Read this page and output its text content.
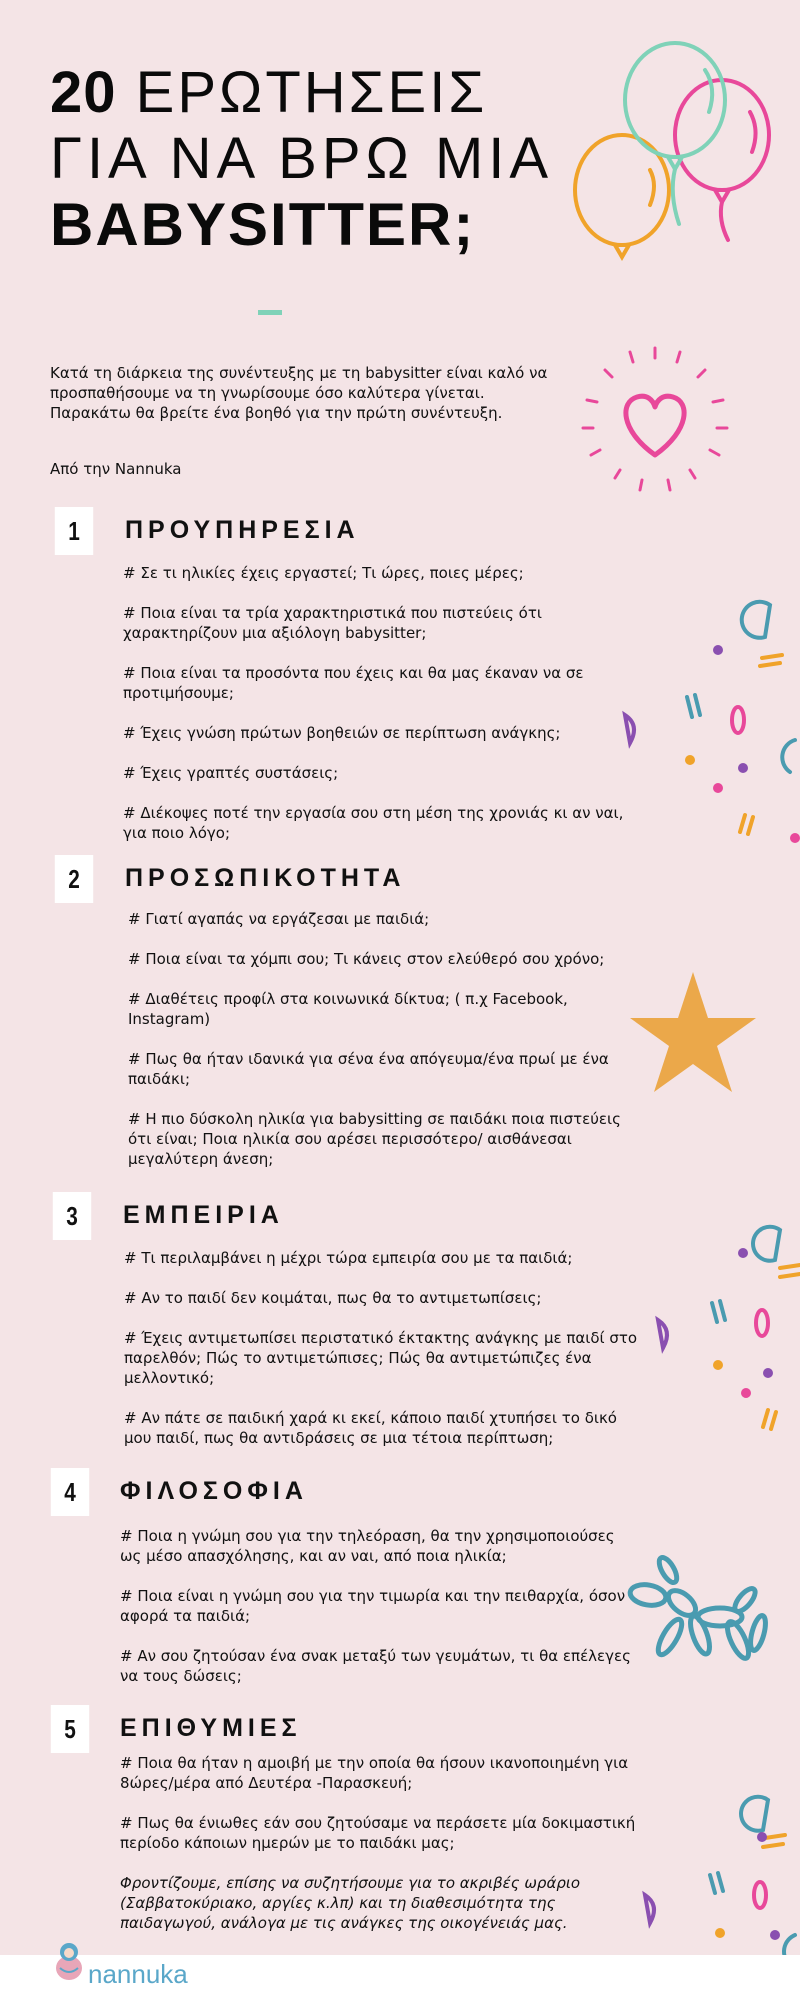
20 ΕΡΩΤΗΣΕΙΣ
ΓΙΑ ΝΑ ΒΡΩ ΜΙΑ
BABYSITTER;
Κατά τη διάρκεια της συνέντευξης με τη babysitter είναι καλό να προσπαθήσουμε να τη γνωρίσουμε όσο καλύτερα γίνεται. Παρακάτω θα βρείτε ένα βοηθό για την πρώτη συνέντευξη.
Από την Nannuka
1	ΠΡΟΥΠΗΡΕΣΙΑ

# Σε τι ηλικίες έχεις εργαστεί; Τι ώρες, ποιες μέρες;

# Ποια είναι τα τρία χαρακτηριστικά που πιστεύεις ότι χαρακτηρίζουν μια αξιόλογη babysitter;

# Ποια είναι τα προσόντα που έχεις και θα μας έκαναν να σε προτιμήσουμε;

# Έχεις γνώση πρώτων βοηθειών σε περίπτωση ανάγκης;

# Έχεις γραπτές συστάσεις;

# Διέκοψες ποτέ την εργασία σου στη μέση της χρονιάς κι αν ναι, για ποιο λόγο;

2	ΠΡΟΣΩΠΙΚΟΤΗΤΑ

# Γιατί αγαπάς να εργάζεσαι με παιδιά;

# Ποια είναι τα χόμπι σου; Τι κάνεις στον ελεύθερό σου χρόνο;

# Διαθέτεις προφίλ στα κοινωνικά δίκτυα; ( π.χ Facebook, Instagram)

# Πως θα ήταν ιδανικά για σένα ένα απόγευμα/ένα πρωί με ένα παιδάκι;

# Η πιο δύσκολη ηλικία για babysitting σε παιδάκι ποια πιστεύεις ότι είναι; Ποια ηλικία σου αρέσει περισσότερο/ αισθάνεσαι μεγαλύτερη άνεση;

3	ΕΜΠΕΙΡΙΑ

# Τι περιλαμβάνει η μέχρι τώρα εμπειρία σου με τα παιδιά;

# Αν το παιδί δεν κοιμάται, πως θα το αντιμετωπίσεις;

# Έχεις αντιμετωπίσει περιστατικό έκτακτης ανάγκης με παιδί στο παρελθόν; Πώς το αντιμετώπισες; Πώς θα αντιμετώπιζες ένα μελλοντικό;

# Αν πάτε σε παιδική χαρά κι εκεί, κάποιο παιδί χτυπήσει το δικό μου παιδί, πως θα αντιδράσεις σε μια τέτοια περίπτωση;

4	ΦΙΛΟΣΟΦΙΑ

# Ποια η γνώμη σου για την τηλεόραση, θα την χρησιμοποιούσες ως μέσο απασχόλησης, και αν ναι, από ποια ηλικία;

# Ποια είναι η γνώμη σου για την τιμωρία και την πειθαρχία, όσον αφορά τα παιδιά;

# Αν σου ζητούσαν ένα σνακ μεταξύ των γευμάτων, τι θα επέλεγες να τους δώσεις;

5	ΕΠΙΘΥΜΙΕΣ

# Ποια θα ήταν η αμοιβή με την οποία θα ήσουν ικανοποιημένη για 8ώρες/μέρα από Δευτέρα -Παρασκευή;

# Πως θα ένιωθες εάν σου ζητούσαμε να περάσετε μία δοκιμαστική περίοδο κάποιων ημερών με το παιδάκι μας;

Φροντίζουμε, επίσης να συζητήσουμε για το ακριβές ωράριο (Σαββατοκύριακο, αργίες κ.λπ) και τη διαθεσιμότητα της παιδαγωγού, ανάλογα με τις ανάγκες της οικογένειάς μας.

nannuka
